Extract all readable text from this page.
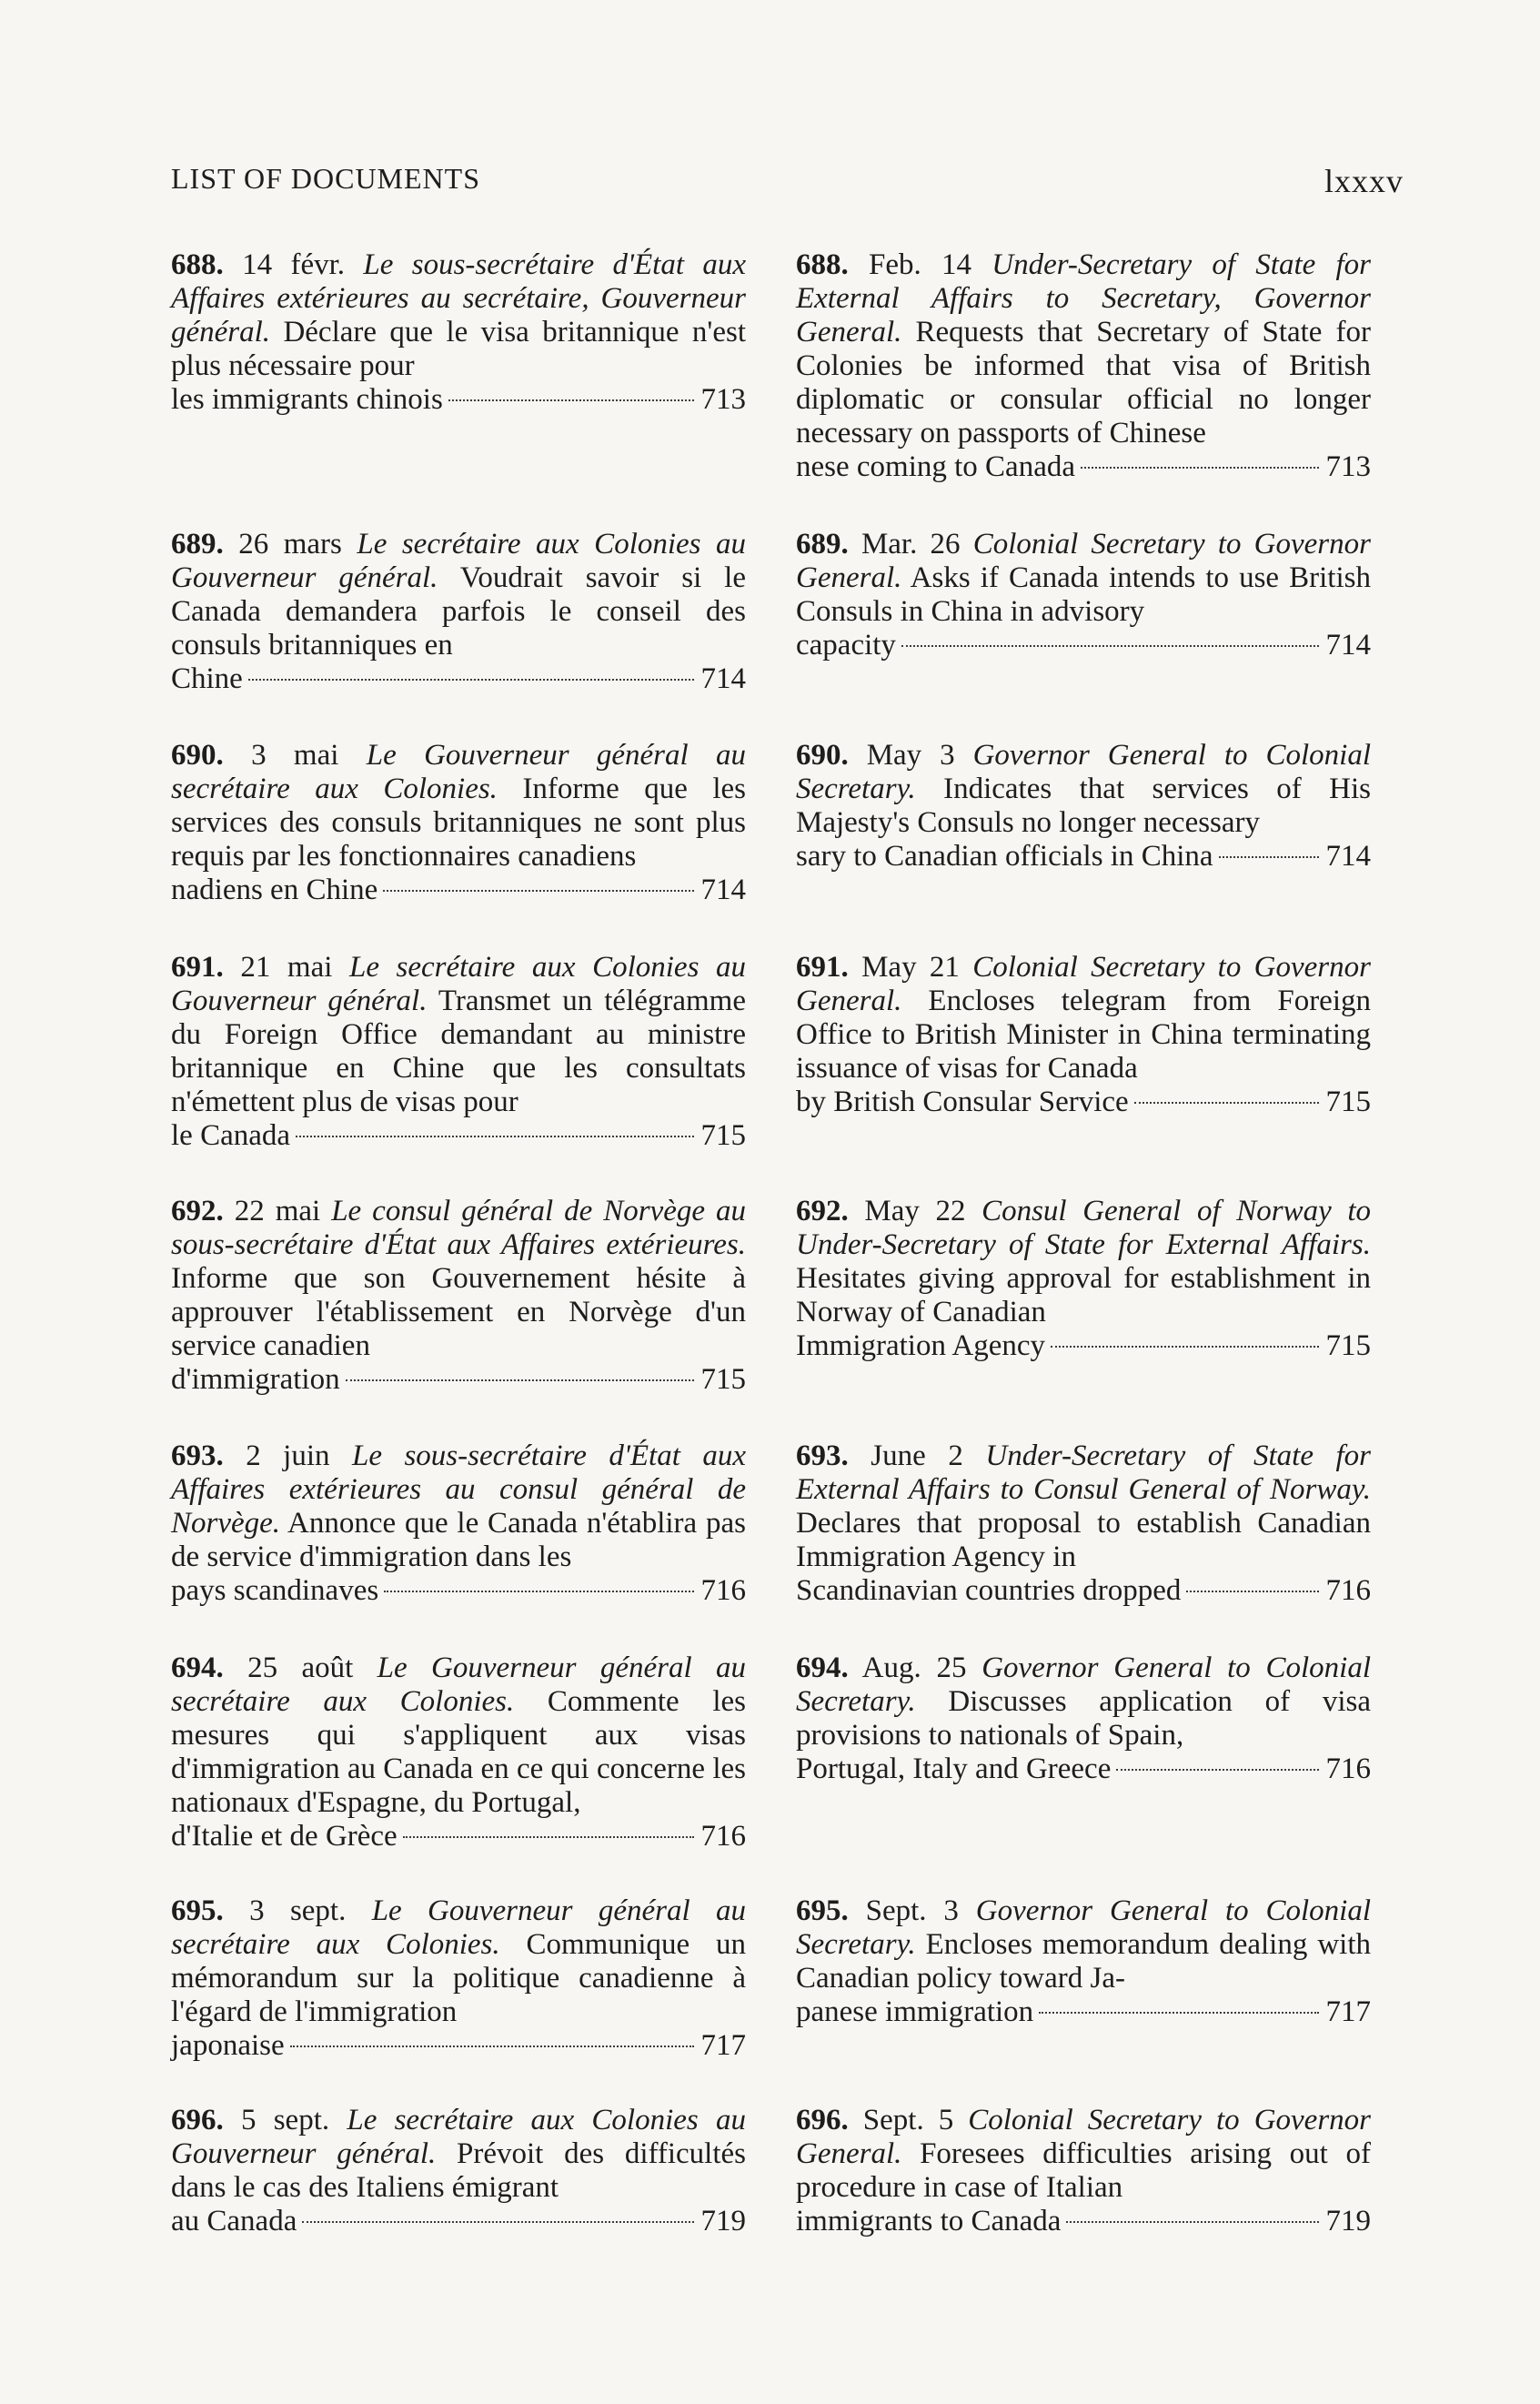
LIST OF DOCUMENTS	lxxxv
688. 14 févr. Le sous-secrétaire d'État aux Affaires extérieures au secrétaire, Gouverneur général. Déclare que le visa britannique n'est plus nécessaire pour
les immigrants chinois	713
689. 26 mars Le secrétaire aux Colonies au Gouverneur général. Voudrait savoir si le Canada demandera parfois le conseil des consuls britanniques en
Chine	714
690. 3 mai Le Gouverneur général au secrétaire aux Colonies. Informe que les services des consuls britanniques ne sont plus requis par les fonctionnaires canadiens
nadiens en Chine	714
691. 21 mai Le secrétaire aux Colonies au Gouverneur général. Transmet un télégramme du Foreign Office demandant au ministre britannique en Chine que les consultats n'émettent plus de visas pour
le Canada	715
692. 22 mai Le consul général de Norvège au sous-secrétaire d'État aux Affaires extérieures. Informe que son Gouvernement hésite à approuver l'établissement en Norvège d'un service canadien
d'immigration	715
693. 2 juin Le sous-secrétaire d'État aux Affaires extérieures au consul général de Norvège. Annonce que le Canada n'établira pas de service d'immigration dans les
pays scandinaves	716
694. 25 août Le Gouverneur général au secrétaire aux Colonies. Commente les mesures qui s'appliquent aux visas d'immigration au Canada en ce qui concerne les nationaux d'Espagne, du Portugal,
d'Italie et de Grèce	716
695. 3 sept. Le Gouverneur général au secrétaire aux Colonies. Communique un mémorandum sur la politique canadienne à l'égard de l'immigration
japonaise	717
696. 5 sept. Le secrétaire aux Colonies au Gouverneur général. Prévoit des difficultés dans le cas des Italiens émigrant
au Canada	719
688. Feb. 14 Under-Secretary of State for External Affairs to Secretary, Governor General. Requests that Secretary of State for Colonies be informed that visa of British diplomatic or consular official no longer necessary on passports of Chinese
nese coming to Canada	713
689. Mar. 26 Colonial Secretary to Governor General. Asks if Canada intends to use British Consuls in China in advisory
capacity	714
690. May 3 Governor General to Colonial Secretary. Indicates that services of His Majesty's Consuls no longer necessary
sary to Canadian officials in China	714
691. May 21 Colonial Secretary to Governor General. Encloses telegram from Foreign Office to British Minister in China terminating issuance of visas for Canada
by British Consular Service	715
692. May 22 Consul General of Norway to Under-Secretary of State for External Affairs. Hesitates giving approval for establishment in Norway of Canadian
Immigration Agency	715
693. June 2 Under-Secretary of State for External Affairs to Consul General of Norway. Declares that proposal to establish Canadian Immigration Agency in
Scandinavian countries dropped	716
694. Aug. 25 Governor General to Colonial Secretary. Discusses application of visa provisions to nationals of Spain,
Portugal, Italy and Greece	716
695. Sept. 3 Governor General to Colonial Secretary. Encloses memorandum dealing with Canadian policy toward Ja-
panese immigration	717
696. Sept. 5 Colonial Secretary to Governor General. Foresees difficulties arising out of procedure in case of Italian
immigrants to Canada	719
